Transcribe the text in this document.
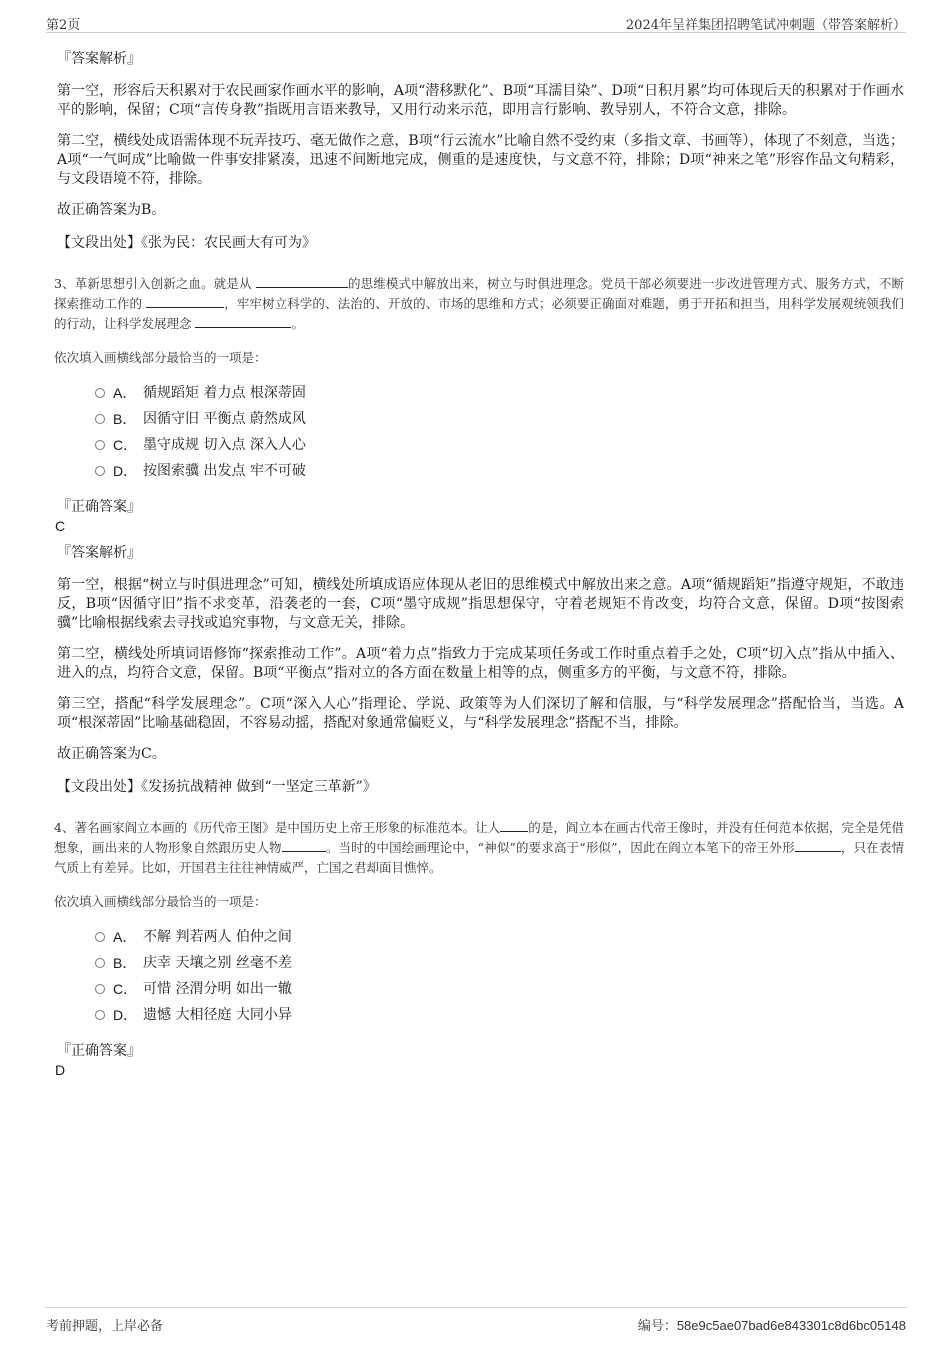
第2页	2024年呈祥集团招聘笔试冲刺题（带答案解析）
『答案解析』

第一空，形容后天积累对于农民画家作画水平的影响，A项“潜移默化”、B项“耳濡目染”、D项“日积月累”均可体现后天的积累对于作画水平的影响，保留；C项“言传身教”指既用言语来教导，又用行动来示范，即用言行影响、教导别人，不符合文意，排除。

第二空，横线处成语需体现不玩弄技巧、毫无做作之意，B项“行云流水”比喻自然不受约束（多指文章、书画等），体现了不刻意，当选；A项“一气呵成”比喻做一件事安排紧凑，迅速不间断地完成，侧重的是速度快，与文意不符，排除；D项“神来之笔”形容作品文句精彩，与文段语境不符，排除。

故正确答案为B。

【文段出处】《张为民：农民画大有可为》

3、革新思想引入创新之血。就是从	的思维模式中解放出来，树立与时俱进理念。党员干部必须要进一步改进管理方式、服务方式，不断探索推动工作的	，牢牢树立科学的、法治的、开放的、市场的思维和方式；必须要正确面对难题，勇于开拓和担当，用科学发展观统领我们的行动，让科学发展理念	。
依次填入画横线部分最恰当的一项是：
A． 循规蹈矩 着力点 根深蒂固
B． 因循守旧 平衡点 蔚然成风
C． 墨守成规 切入点 深入人心
D． 按图索骥 出发点 牢不可破
『正确答案』
C
『答案解析』

第一空，根据“树立与时俱进理念”可知，横线处所填成语应体现从老旧的思维模式中解放出来之意。A项“循规蹈矩”指遵守规矩，不敢违反，B项“因循守旧”指不求变革，沿袭老的一套，C项“墨守成规”指思想保守，守着老规矩不肯改变，均符合文意，保留。D项“按图索骥”比喻根据线索去寻找或追究事物，与文意无关，排除。

第二空，横线处所填词语修饰“探索推动工作”。A项“着力点”指致力于完成某项任务或工作时重点着手之处，C项“切入点”指从中插入、进入的点，均符合文意，保留。B项“平衡点”指对立的各方面在数量上相等的点，侧重多方的平衡，与文意不符，排除。

第三空，搭配“科学发展理念”。C项“深入人心”指理论、学说、政策等为人们深切了解和信服，与“科学发展理念”搭配恰当，当选。A项“根深蒂固”比喻基础稳固，不容易动摇，搭配对象通常偏贬义，与“科学发展理念”搭配不当，排除。

故正确答案为C。

【文段出处】《发扬抗战精神 做到“一坚定三革新”》

4、著名画家阎立本画的《历代帝王图》是中国历史上帝王形象的标准范本。让人 的是，阎立本在画古代帝王像时，并没有任何范本依据，完全是凭借想象，画出来的人物形象自然跟历史人物	。当时的中国绘画理论中，“神似”的要求高于“形似”，因此在阎立本笔下的帝王外形	，只在表情气质上有差异。比如，开国君主往往神情威严，亡国之君却面目憔悴。
依次填入画横线部分最恰当的一项是：
A． 不解 判若两人 伯仲之间
B． 庆幸 天壤之别 丝毫不差
C． 可惜 泾渭分明 如出一辙
D． 遗憾 大相径庭 大同小异
『正确答案』
D
考前押题，上岸必备	编号：58e9c5ae07bad6e843301c8d6bc05148
